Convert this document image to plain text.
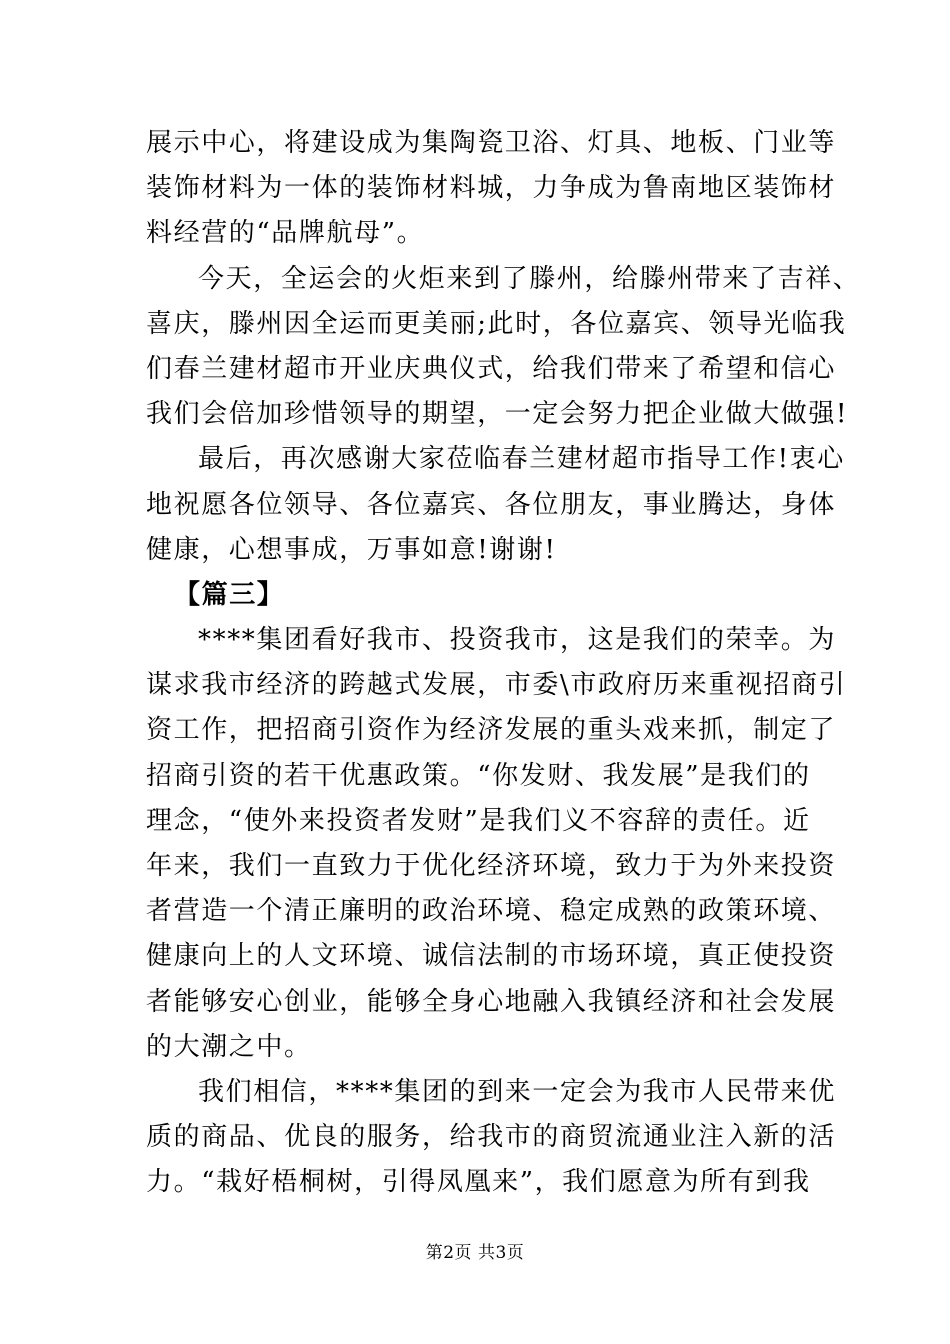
展示中心，将建设成为集陶瓷卫浴、灯具、地板、门业等
装饰材料为一体的装饰材料城，力争成为鲁南地区装饰材
料经营的“品牌航母”。
今天，全运会的火炬来到了滕州，给滕州带来了吉祥、
喜庆，滕州因全运而更美丽;此时，各位嘉宾、领导光临我
们春兰建材超市开业庆典仪式，给我们带来了希望和信心
我们会倍加珍惜领导的期望，一定会努力把企业做大做强!
最后，再次感谢大家莅临春兰建材超市指导工作!衷心
地祝愿各位领导、各位嘉宾、各位朋友，事业腾达，身体
健康，心想事成，万事如意!谢谢!
【篇三】
****集团看好我市、投资我市，这是我们的荣幸。为
谋求我市经济的跨越式发展，市委\市政府历来重视招商引
资工作，把招商引资作为经济发展的重头戏来抓，制定了
招商引资的若干优惠政策。“你发财、我发展”是我们的
理念，“使外来投资者发财”是我们义不容辞的责任。近
年来，我们一直致力于优化经济环境，致力于为外来投资
者营造一个清正廉明的政治环境、稳定成熟的政策环境、
健康向上的人文环境、诚信法制的市场环境，真正使投资
者能够安心创业，能够全身心地融入我镇经济和社会发展
的大潮之中。
我们相信，****集团的到来一定会为我市人民带来优
质的商品、优良的服务，给我市的商贸流通业注入新的活
力。“栽好梧桐树，引得凤凰来”，我们愿意为所有到我
第2页 共3页
